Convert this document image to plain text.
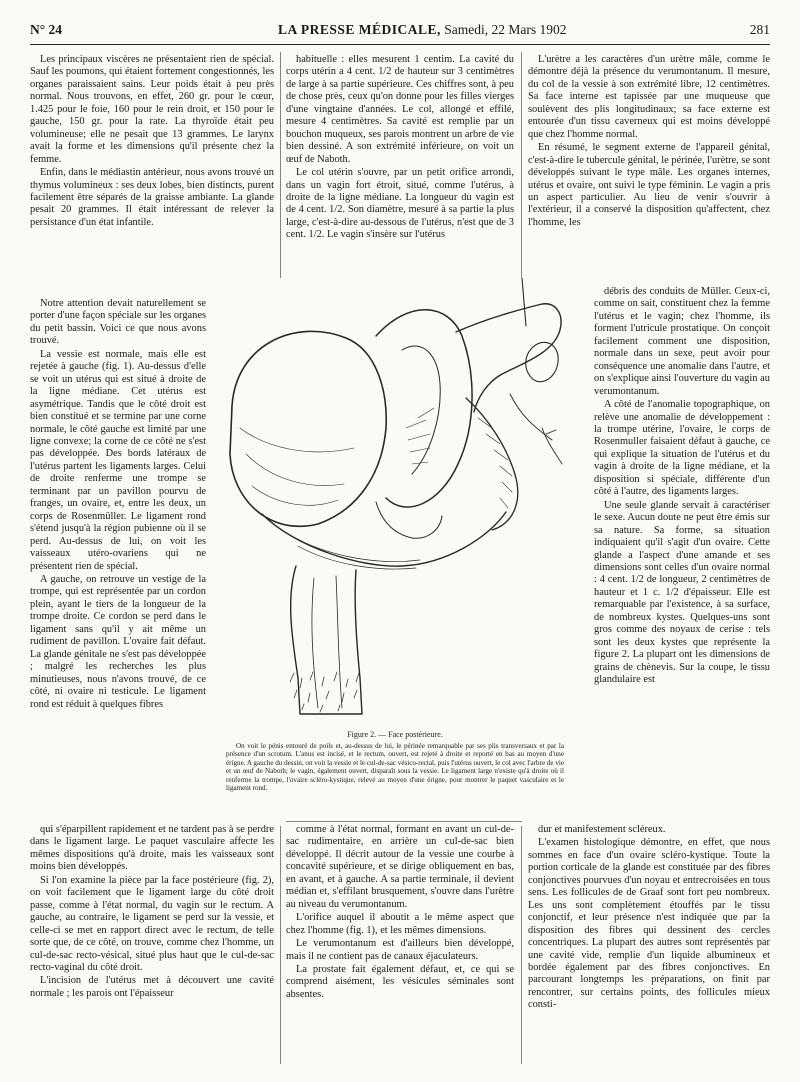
N° 24	LA PRESSE MÉDICALE, Samedi, 22 Mars 1902	281

Les principaux viscères ne présentaient rien de spécial. Sauf les poumons, qui étaient fortement congestionnés, les organes paraissaient sains. Leur poids était à peu près normal. Nous trouvons, en effet, 260 gr. pour le cœur, 1.425 pour le foie, 160 pour le rein droit, et 150 pour le gauche, 150 gr. pour la rate. La thyroïde était peu volumineuse; elle ne pesait que 13 grammes. Le larynx avait la forme et les dimensions qu'il présente chez la femme.

Enfin, dans le médiastin antérieur, nous avons trouvé un thymus volumineux : ses deux lobes, bien distincts, purent facilement être séparés de la graisse ambiante. La glande pesait 20 grammes. Il était intéressant de relever la persistance d'un état infantile.

Notre attention devait naturellement se porter d'une façon spéciale sur les organes du petit bassin. Voici ce que nous avons trouvé.

La vessie est normale, mais elle est rejetée à gauche (fig. 1). Au-dessus d'elle se voit un utérus qui est situé à droite de la ligne médiane. Cet utérus est asymétrique. Tandis que le côté droit est bien constitué et se termine par une corne normale, le côté gauche est limité par une ligne convexe; la corne de ce côté ne s'est pas développée. Des bords latéraux de l'utérus partent les ligaments larges. Celui de droite renferme une trompe se terminant par un pavillon pourvu de franges, un ovaire, et, entre les deux, un corps de Rosenmüller. Le ligament rond s'étend jusqu'à la région pubienne où il se perd. Au-dessus de lui, on voit les vaisseaux utéro-ovariens qui ne présentent rien de spécial.

A gauche, on retrouve un vestige de la trompe, qui est représentée par un cordon plein, ayant le tiers de la longueur de la trompe droite. Ce cordon se perd dans le ligament sans qu'il y ait même un rudiment de pavillon. L'ovaire fait défaut. La glande génitale ne s'est pas développée ; malgré les recherches les plus minutieuses, nous n'avons trouvé, de ce côté, ni ovaire ni testicule. Le ligament rond est réduit à quelques fibres

qui s'éparpillent rapidement et ne tardent pas à se perdre dans le ligament large. Le paquet vasculaire affecte les mêmes dispositions qu'à droite, mais les vaisseaux sont moins bien développés.

Si l'on examine la pièce par la face postérieure (fig. 2), on voit facilement que le ligament large du côté droit passe, comme à l'état normal, du vagin sur le rectum. A gauche, au contraire, le ligament se perd sur la vessie, et celle-ci se met en rapport direct avec le rectum, de telle sorte que, de ce côté, on trouve, comme chez l'homme, un cul-de-sac recto-vésical, situé plus haut que le cul-de-sac recto-vaginal du côté droit.

L'incision de l'utérus met à découvert une cavité normale ; les parois ont l'épaisseur

habituelle : elles mesurent 1 centim. La cavité du corps utérin a 4 cent. 1/2 de hauteur sur 3 centimètres de large à sa partie supérieure. Ces chiffres sont, à peu de chose près, ceux qu'on donne pour les filles vierges d'une vingtaine d'années. Le col, allongé et effilé, mesure 4 centimètres. Sa cavité est remplie par un bouchon muqueux, ses parois montrent un arbre de vie bien dessiné. A son extrémité inférieure, on voit un œuf de Naboth.

Le col utérin s'ouvre, par un petit orifice arrondi, dans un vagin fort étroit, situé, comme l'utérus, à droite de la ligne médiane. La longueur du vagin est de 4 cent. 1/2. Son diamètre, mesuré à sa partie la plus large, c'est-à-dire au-dessous de l'utérus, n'est que de 3 cent. 1/2. Le vagin s'insère sur l'utérus

comme à l'état normal, formant en avant un cul-de-sac rudimentaire, en arrière un cul-de-sac bien développé. Il décrit autour de la vessie une courbe à concavité supérieure, et se dirige obliquement en bas, en avant, et à gauche. A sa partie terminale, il devient médian et, s'effilant brusquement, s'ouvre dans l'urètre au niveau du verumontanum.

L'orifice auquel il aboutit a le même aspect que chez l'homme (fig. 1), et les mêmes dimensions.

Le verumontanum est d'ailleurs bien développé, mais il ne contient pas de canaux éjaculateurs.

La prostate fait également défaut, et, ce qui se comprend aisément, les vésicules séminales sont absentes.

L'urètre a les caractères d'un urètre mâle, comme le démontre déjà la présence du verumontanum. Il mesure, du col de la vessie à son extrémité libre, 12 centimètres. Sa face interne est tapissée par une muqueuse que soulèvent des plis longitudinaux; sa face externe est entourée d'un tissu caverneux qui est moins développé que chez l'homme normal.

En résumé, le segment externe de l'appareil génital, c'est-à-dire le tubercule génital, le périnée, l'urètre, se sont développés suivant le type mâle. Les organes internes, utérus et ovaire, ont suivi le type féminin. Le vagin a pris un aspect particulier. Au lieu de venir s'ouvrir à l'extérieur, il a conservé la disposition qu'affectent, chez l'homme, les

débris des conduits de Müller. Ceux-ci, comme on sait, constituent chez la femme l'utérus et le vagin; chez l'homme, ils forment l'utricule prostatique. On conçoit facilement comment une disposition, normale dans un sexe, peut avoir pour conséquence une anomalie dans l'autre, et on s'explique ainsi l'ouverture du vagin au verumontanum.

A côté de l'anomalie topographique, on relève une anomalie de développement : la trompe utérine, l'ovaire, le corps de Rosenmuller faisaient défaut à gauche, ce qui explique la situation de l'utérus et du vagin à droite de la ligne médiane, et la disposition si spéciale, différente d'un côté à l'autre, des ligaments larges.

Une seule glande servait à caractériser le sexe. Aucun doute ne peut être émis sur sa nature. Sa forme, sa situation indiquaient qu'il s'agit d'un ovaire. Cette glande a l'aspect d'une amande et ses dimensions sont celles d'un ovaire normal : 4 cent. 1/2 de longueur, 2 centimètres de hauteur et 1 c. 1/2 d'épaisseur. Elle est remarquable par l'existence, à sa surface, de nombreux kystes. Quelques-uns sont gros comme des noyaux de cerise : tels sont les deux kystes que représente la figure 2. La plupart ont les dimensions de grains de chènevis. Sur la coupe, le tissu glandulaire est

dur et manifestement scléreux.

L'examen histologique démontre, en effet, que nous sommes en face d'un ovaire scléro-kystique. Toute la portion corticale de la glande est constituée par des fibres conjonctives pourvues d'un noyau et entrecroisées en tous sens. Les follicules de de Graaf sont fort peu nombreux. Les uns sont complètement étouffés par le tissu conjonctif, et leur présence n'est indiquée que par la disposition des fibres qui dessinent des cercles concentriques. La plupart des autres sont représentés par une cavité vide, remplie d'un liquide albumineux et bordée également par des fibres conjonctives. En parcourant longtemps les préparations, on finit par rencontrer, sur certains points, des follicules mieux consti-

Figure 2. — Face postérieure.
On voit le pénis entouré de poils et, au-dessus de lui, le périnée remarquable par ses plis transversaux et par la présence d'un scrotum. L'anus est incisé, et le rectum, ouvert, est rejeté à droite et reporté en bas au moyen d'une érigne. A gauche du dessin, on voit la vessie et le cul-de-sac vésico-rectal, puis l'utérus ouvert, le col avec l'arbre de vie et un œuf de Naboth; le vagin, également ouvert, disparaît sous la vessie. Le ligament large n'existe qu'à droite où il renferme la trompe, l'ovaire scléro-kystique, relevé au moyen d'une érigne, pour montrer le paquet vasculaire et le ligament rond.
